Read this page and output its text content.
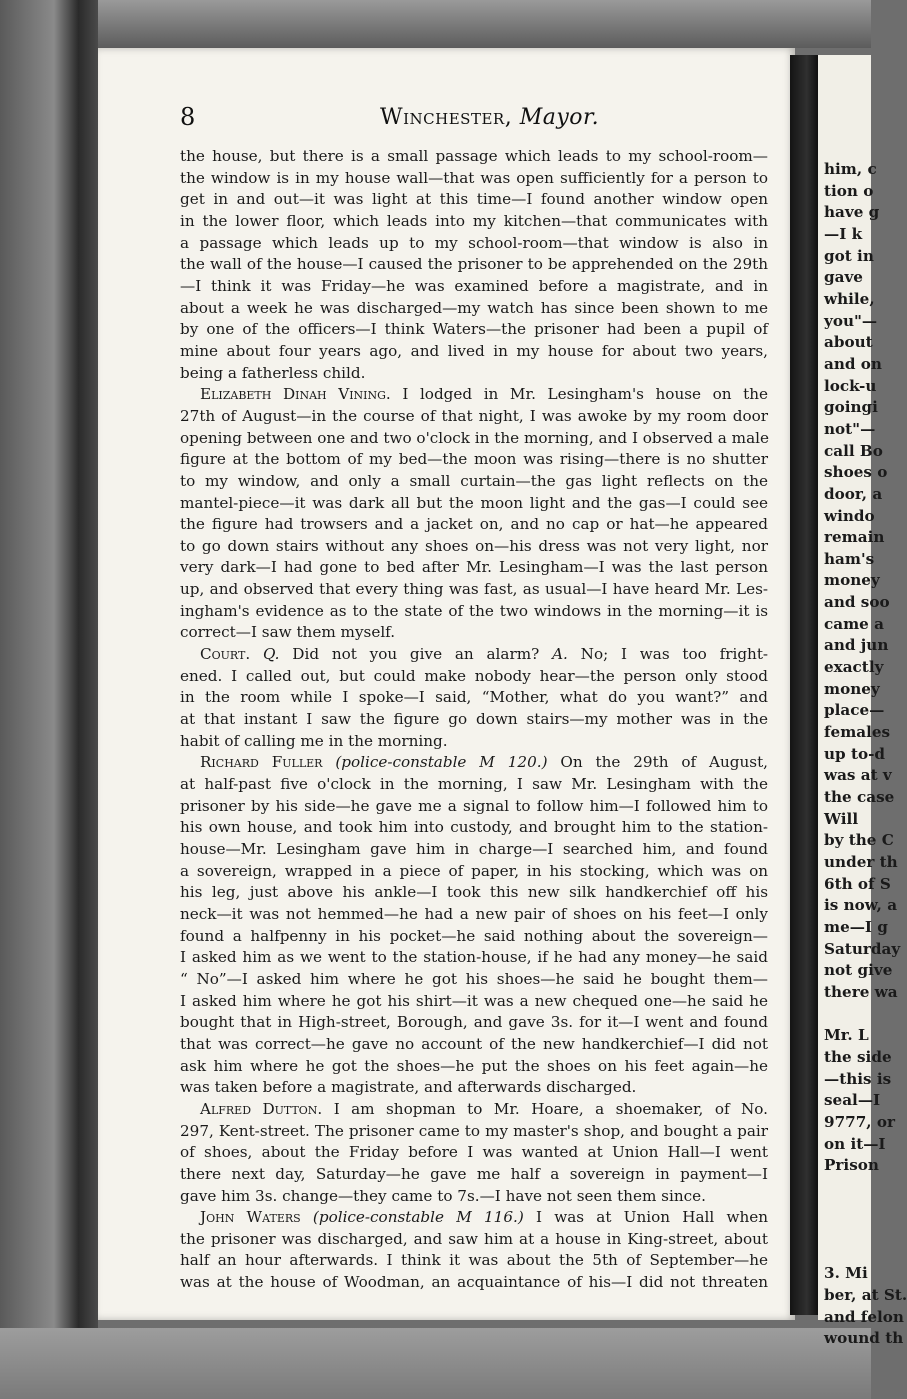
8	Winchester, Mayor.
the house, but there is a small passage which leads to my school-room—
the window is in my house wall—that was open sufficiently for a person to
get in and out—it was light at this time—I found another window open
in the lower floor, which leads into my kitchen—that communicates with
a passage which leads up to my school-room—that window is also in
the wall of the house—I caused the prisoner to be apprehended on the 29th
—I think it was Friday—he was examined before a magistrate, and in
about a week he was discharged—my watch has since been shown to me
by one of the officers—I think Waters—the prisoner had been a pupil of
mine about four years ago, and lived in my house for about two years,
being a fatherless child.
Elizabeth Dinah Vining. I lodged in Mr. Lesingham's house on the
27th of August—in the course of that night, I was awoke by my room door
opening between one and two o'clock in the morning, and I observed a male
figure at the bottom of my bed—the moon was rising—there is no shutter
to my window, and only a small curtain—the gas light reflects on the
mantel-piece—it was dark all but the moon light and the gas—I could see
the figure had trowsers and a jacket on, and no cap or hat—he appeared
to go down stairs without any shoes on—his dress was not very light, nor
very dark—I had gone to bed after Mr. Lesingham—I was the last person
up, and observed that every thing was fast, as usual—I have heard Mr. Les-
ingham's evidence as to the state of the two windows in the morning—it is
correct—I saw them myself.
Court. Q. Did not you give an alarm? A. No; I was too fright-
ened. I called out, but could make nobody hear—the person only stood
in the room while I spoke—I said, “Mother, what do you want?” and
at that instant I saw the figure go down stairs—my mother was in the
habit of calling me in the morning.
Richard Fuller (police-constable M 120.) On the 29th of August,
at half-past five o'clock in the morning, I saw Mr. Lesingham with the
prisoner by his side—he gave me a signal to follow him—I followed him to
his own house, and took him into custody, and brought him to the station-
house—Mr. Lesingham gave him in charge—I searched him, and found
a sovereign, wrapped in a piece of paper, in his stocking, which was on
his leg, just above his ankle—I took this new silk handkerchief off his
neck—it was not hemmed—he had a new pair of shoes on his feet—I only
found a halfpenny in his pocket—he said nothing about the sovereign—
I asked him as we went to the station-house, if he had any money—he said
“ No”—I asked him where he got his shoes—he said he bought them—
I asked him where he got his shirt—it was a new chequed one—he said he
bought that in High-street, Borough, and gave 3s. for it—I went and found
that was correct—he gave no account of the new handkerchief—I did not
ask him where he got the shoes—he put the shoes on his feet again—he
was taken before a magistrate, and afterwards discharged.
Alfred Dutton. I am shopman to Mr. Hoare, a shoemaker, of No.
297, Kent-street. The prisoner came to my master's shop, and bought a pair
of shoes, about the Friday before I was wanted at Union Hall—I went
there next day, Saturday—he gave me half a sovereign in payment—I
gave him 3s. change—they came to 7s.—I have not seen them since.
John Waters (police-constable M 116.) I was at Union Hall when
the prisoner was discharged, and saw him at a house in King-street, about
half an hour afterwards. I think it was about the 5th of September—he
was at the house of Woodman, an acquaintance of his—I did not threaten
him, c
tion o
have g
—I k
got in
gave
while,
you"—
about
and on
lock-u
goingi
not"—
call Bo
shoes o
door, a
windo
remain
ham's
money
and soo
came a
and jun
exactly
money
place—
females
up to-d
was at v
the case
Will
by the C
under th
6th of S
is now, a
me—I g
Saturday
not give
there wa
Mr. L
the side
—this is
seal—I
9777, or
on it—I
Prison
3. Mi
ber, at St.
and felon
wound th
